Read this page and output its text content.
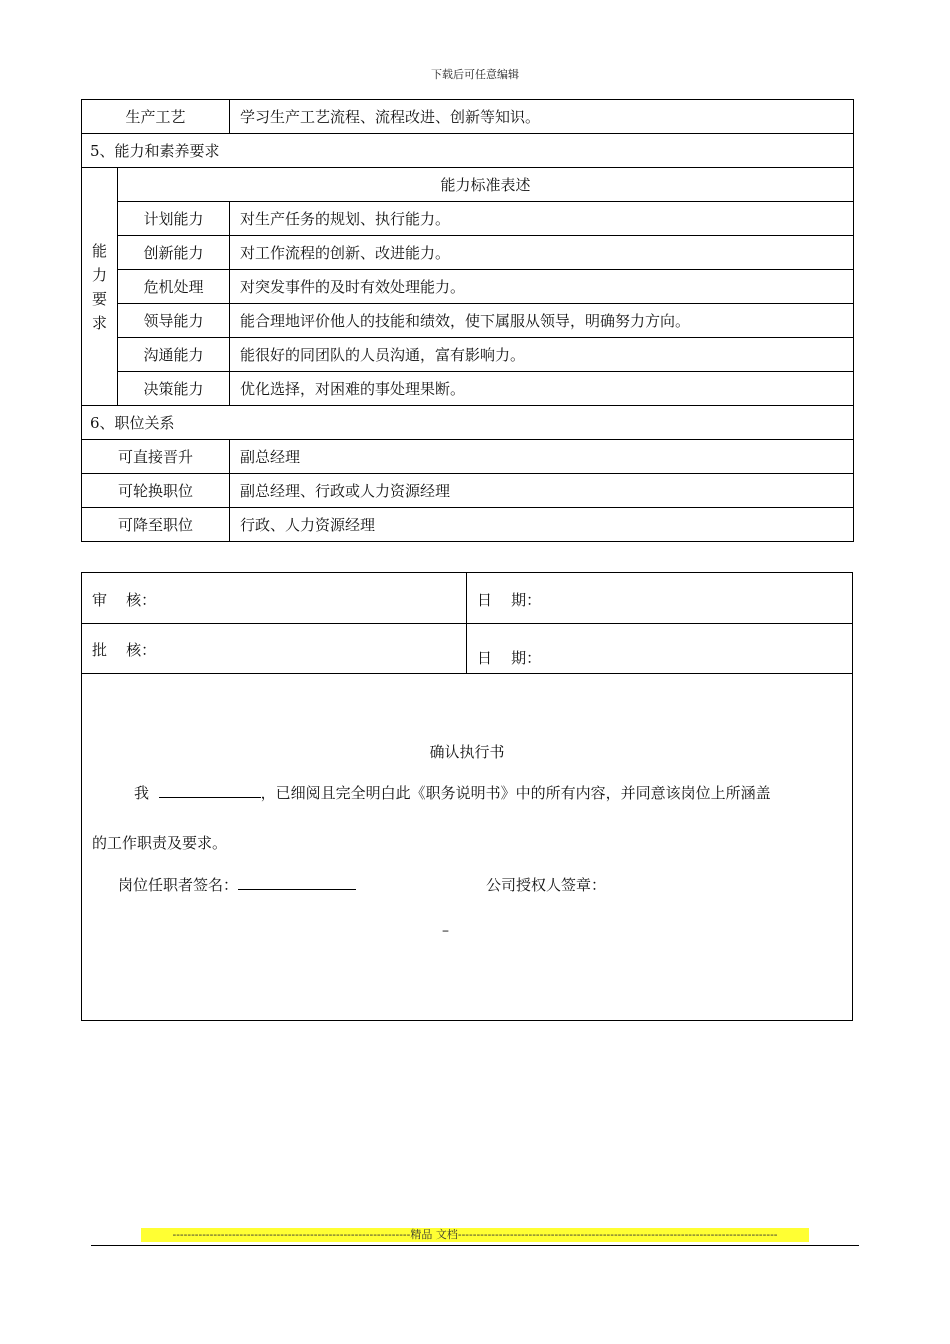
下载后可任意编辑
生产工艺		学习生产工艺流程、流程改进、创新等知识。
5、能力和素养要求		

能
力
要
求	能力标准表述	
	计划能力	对生产任务的规划、执行能力。
	创新能力	对工作流程的创新、改进能力。
	危机处理	对突发事件的及时有效处理能力。
	领导能力	能合理地评价他人的技能和绩效，使下属服从领导，明确努力方向。
	沟通能力	能很好的同团队的人员沟通，富有影响力。
	决策能力	优化选择，对困难的事处理果断。
6、职位关系		
可直接晋升		副总经理
可轮换职位		副总经理、行政或人力资源经理
可降至职位		行政、人力资源经理
审    核：	日    期：
批    核：	日    期：
确认执行书
我	，已细阅且完全明白此《职务说明书》中的所有内容，并同意该岗位上所涵盖
的工作职责及要求。
岗位任职者签名：	公司授权人签章：
–
----------------------------------------------------------------精品 文档--------------------------------------------------------------------------------------
